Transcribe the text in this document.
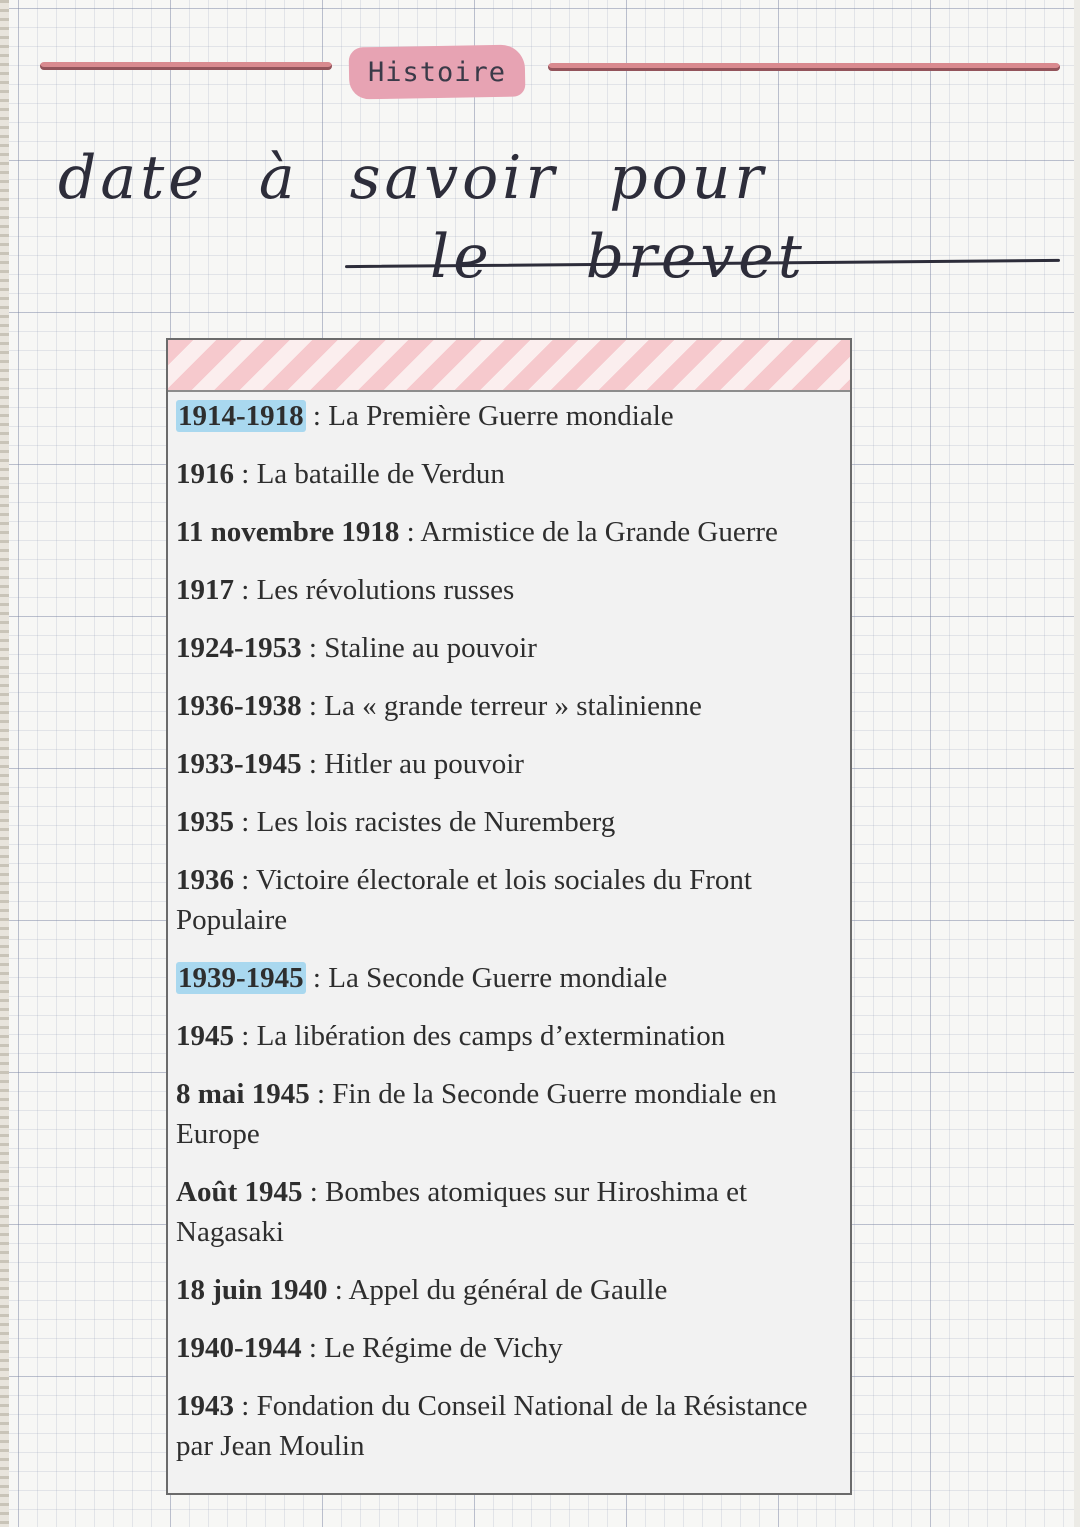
Histoire
date à savoir pour
le brevet
1914-1918 : La Première Guerre mondiale
1916 : La bataille de Verdun
11 novembre 1918 : Armistice de la Grande Guerre
1917 : Les révolutions russes
1924-1953 : Staline au pouvoir
1936-1938 : La « grande terreur » stalinienne
1933-1945 : Hitler au pouvoir
1935 : Les lois racistes de Nuremberg
1936 : Victoire électorale et lois sociales du Front Populaire
1939-1945 : La Seconde Guerre mondiale
1945 : La libération des camps d’extermination
8 mai 1945 : Fin de la Seconde Guerre mondiale en Europe
Août 1945 : Bombes atomiques sur Hiroshima et Nagasaki
18 juin 1940 : Appel du général de Gaulle
1940-1944 : Le Régime de Vichy
1943 : Fondation du Conseil National de la Résistance par Jean Moulin
